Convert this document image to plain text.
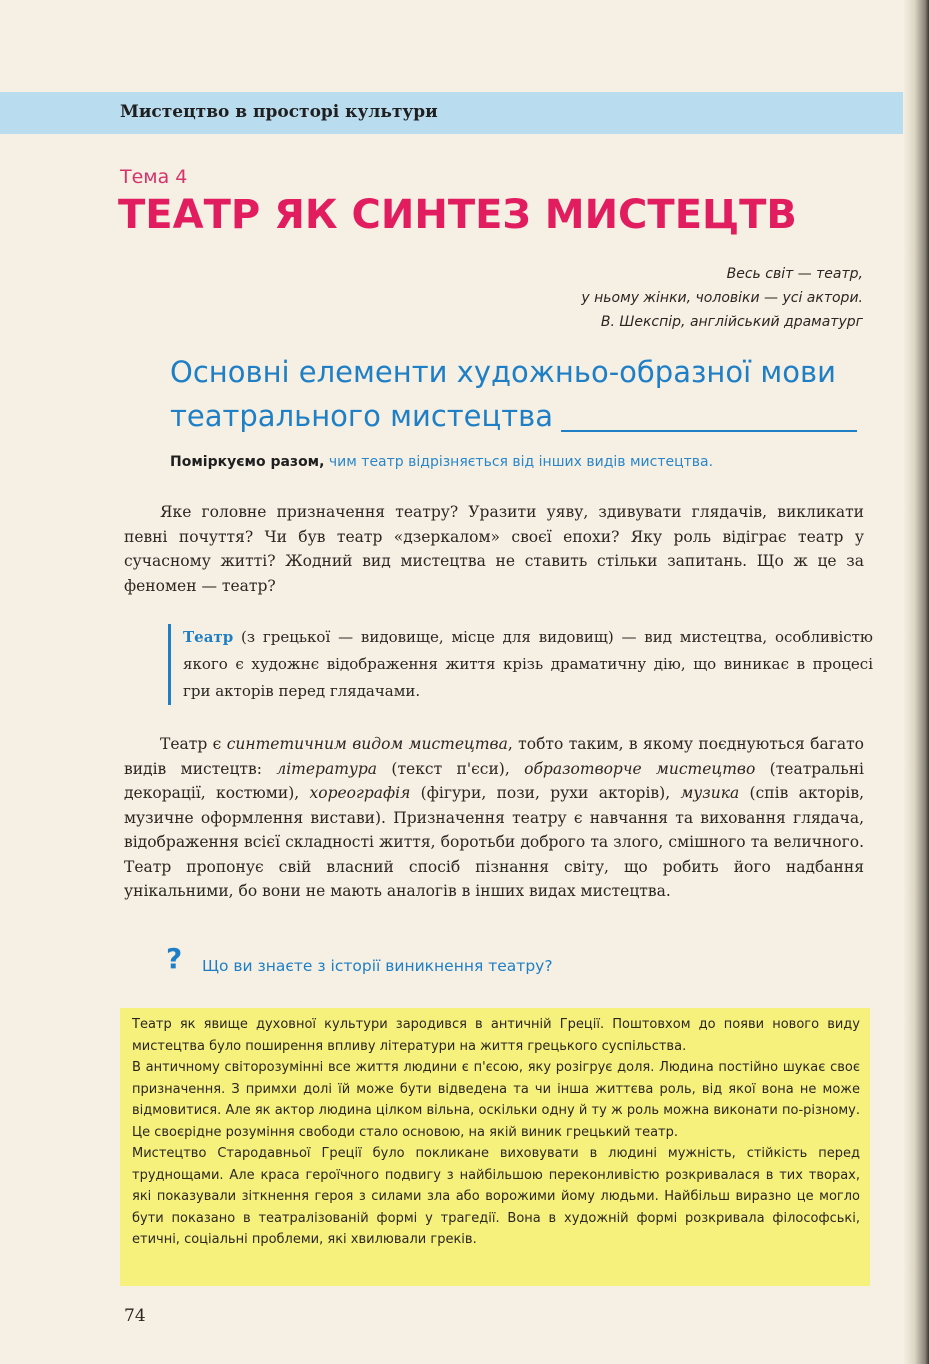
Мистецтво в просторі культури
Тема 4
ТЕАТР ЯК СИНТЕЗ МИСТЕЦТВ
Весь світ — театр,
у ньому жінки, чоловіки — усі актори.
В. Шекспір, англійський драматург
Основні елементи художньо-образної мови
театрального мистецтва
Поміркуємо разом, чим театр відрізняється від інших видів мистецтва.
Яке головне призначення театру? Уразити уяву, здивувати глядачів, викликати певні почуття? Чи був театр «дзеркалом» своєї епохи? Яку роль відіграє театр у сучасному житті? Жодний вид мистецтва не ставить стільки запитань. Що ж це за феномен — театр?
Театр (з грецької — видовище, місце для видовищ) — вид мистецтва, особливістю якого є художнє відображення життя крізь драматичну дію, що виникає в процесі гри акторів перед глядачами.
Театр є синтетичним видом мистецтва, тобто таким, в якому поєднуються багато видів мистецтв: література (текст п'єси), образотворче мистецтво (театральні декорації, костюми), хореографія (фігури, пози, рухи акторів), музика (спів акторів, музичне оформлення вистави). Призначення театру є навчання та виховання глядача, відображення всієї складності життя, боротьби доброго та злого, смішного та величного. Театр пропонує свій власний спосіб пізнання світу, що робить його надбання унікальними, бо вони не мають аналогів в інших видах мистецтва.
? Що ви знаєте з історії виникнення театру?

Театр як явище духовної культури зародився в античній Греції. Поштовхом до появи нового виду мистецтва було поширення впливу літератури на життя грецького суспільства.

В античному світорозумінні все життя людини є п'єсою, яку розігрує доля. Людина постійно шукає своє призначення. З примхи долі їй може бути відведена та чи інша життєва роль, від якої вона не може відмовитися. Але як актор людина цілком вільна, оскільки одну й ту ж роль можна виконати по-різному. Це своєрідне розуміння свободи стало основою, на якій виник грецький театр.

Мистецтво Стародавньої Греції було покликане виховувати в людині мужність, стійкість перед труднощами. Але краса героїчного подвигу з найбільшою переконливістю розкривалася в тих творах, які показували зіткнення героя з силами зла або ворожими йому людьми. Найбільш виразно це могло бути показано в театралізованій формі у трагедії. Вона в художній формі розкривала філософські, етичні, соціальні проблеми, які хвилювали греків.

74
